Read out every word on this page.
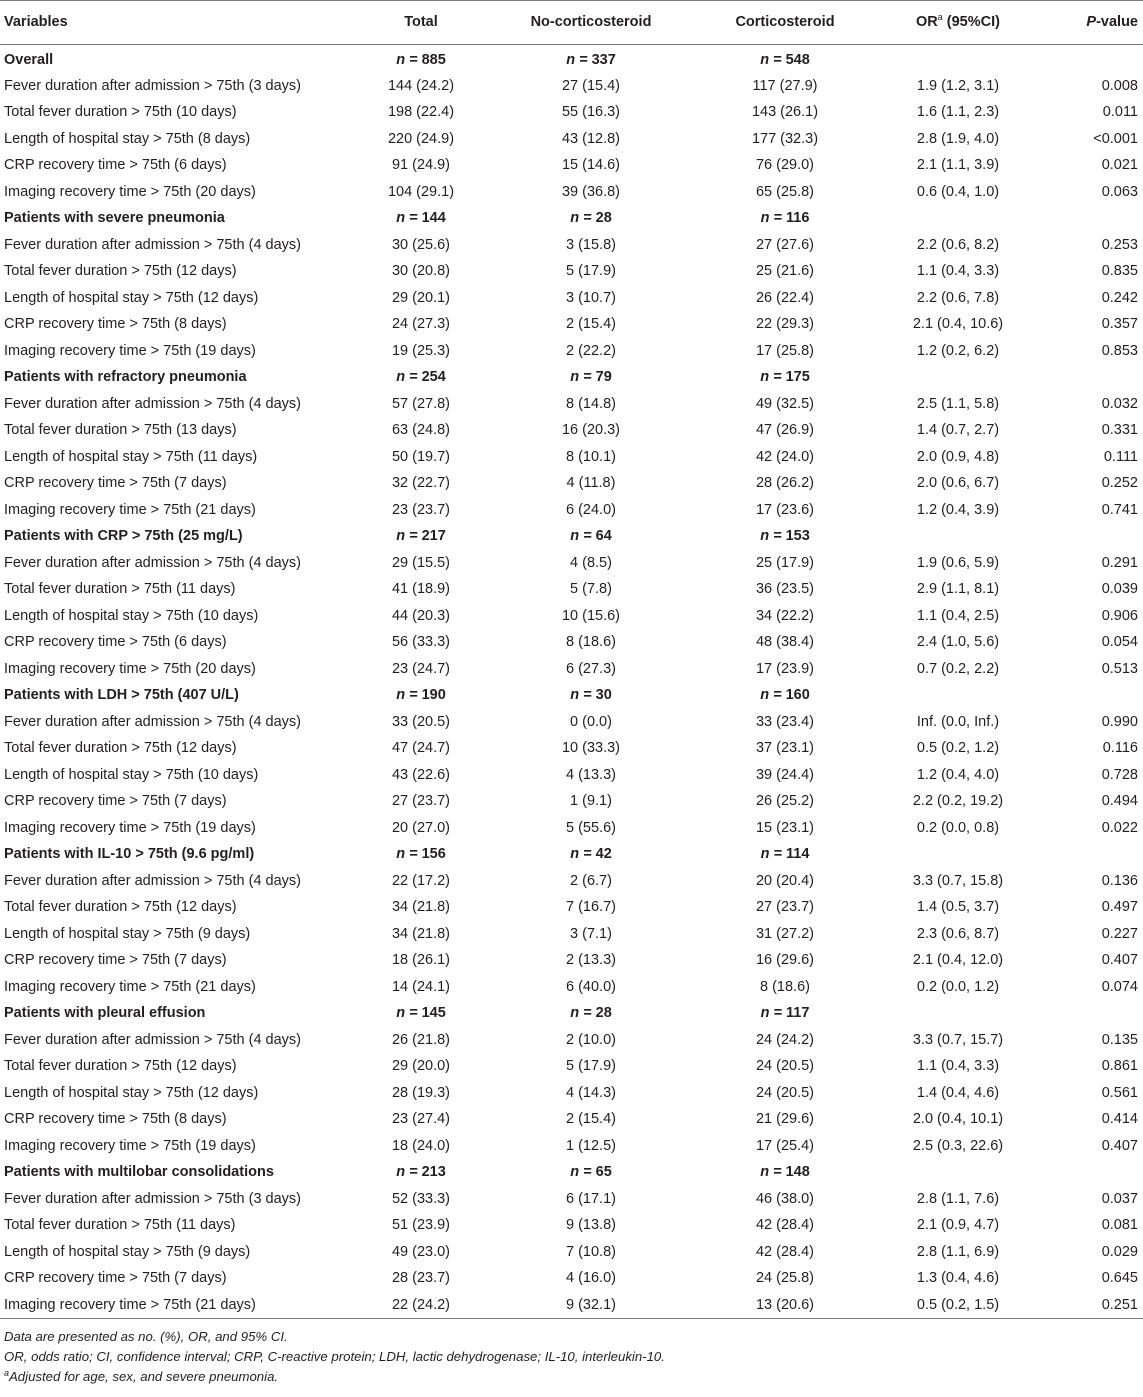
Variables	Total	No-corticosteroid	Corticosteroid	$OR^a$ (95%CI)	P-value
Overall	n = 885	n = 337	n = 548		
Fever duration after admission > 75th (3 days)	144 (24.2)	27 (15.4)	117 (27.9)	1.9 (1.2, 3.1)	0.008
Total fever duration > 75th (10 days)	198 (22.4)	55 (16.3)	143 (26.1)	1.6 (1.1, 2.3)	0.011
Length of hospital stay > 75th (8 days)	220 (24.9)	43 (12.8)	177 (32.3)	2.8 (1.9, 4.0)	<0.001
CRP recovery time > 75th (6 days)	91 (24.9)	15 (14.6)	76 (29.0)	2.1 (1.1, 3.9)	0.021
Imaging recovery time > 75th (20 days)	104 (29.1)	39 (36.8)	65 (25.8)	0.6 (0.4, 1.0)	0.063
Patients with severe pneumonia	n = 144	n = 28	n = 116		
Fever duration after admission > 75th (4 days)	30 (25.6)	3 (15.8)	27 (27.6)	2.2 (0.6, 8.2)	0.253
Total fever duration > 75th (12 days)	30 (20.8)	5 (17.9)	25 (21.6)	1.1 (0.4, 3.3)	0.835
Length of hospital stay > 75th (12 days)	29 (20.1)	3 (10.7)	26 (22.4)	2.2 (0.6, 7.8)	0.242
CRP recovery time > 75th (8 days)	24 (27.3)	2 (15.4)	22 (29.3)	2.1 (0.4, 10.6)	0.357
Imaging recovery time > 75th (19 days)	19 (25.3)	2 (22.2)	17 (25.8)	1.2 (0.2, 6.2)	0.853
Patients with refractory pneumonia	n = 254	n = 79	n = 175		
Fever duration after admission > 75th (4 days)	57 (27.8)	8 (14.8)	49 (32.5)	2.5 (1.1, 5.8)	0.032
Total fever duration > 75th (13 days)	63 (24.8)	16 (20.3)	47 (26.9)	1.4 (0.7, 2.7)	0.331
Length of hospital stay > 75th (11 days)	50 (19.7)	8 (10.1)	42 (24.0)	2.0 (0.9, 4.8)	0.111
CRP recovery time > 75th (7 days)	32 (22.7)	4 (11.8)	28 (26.2)	2.0 (0.6, 6.7)	0.252
Imaging recovery time > 75th (21 days)	23 (23.7)	6 (24.0)	17 (23.6)	1.2 (0.4, 3.9)	0.741
Patients with CRP > 75th (25 mg/L)	n = 217	n = 64	n = 153		
Fever duration after admission > 75th (4 days)	29 (15.5)	4 (8.5)	25 (17.9)	1.9 (0.6, 5.9)	0.291
Total fever duration > 75th (11 days)	41 (18.9)	5 (7.8)	36 (23.5)	2.9 (1.1, 8.1)	0.039
Length of hospital stay > 75th (10 days)	44 (20.3)	10 (15.6)	34 (22.2)	1.1 (0.4, 2.5)	0.906
CRP recovery time > 75th (6 days)	56 (33.3)	8 (18.6)	48 (38.4)	2.4 (1.0, 5.6)	0.054
Imaging recovery time > 75th (20 days)	23 (24.7)	6 (27.3)	17 (23.9)	0.7 (0.2, 2.2)	0.513
Patients with LDH > 75th (407 U/L)	n = 190	n = 30	n = 160		
Fever duration after admission > 75th (4 days)	33 (20.5)	0 (0.0)	33 (23.4)	Inf. (0.0, Inf.)	0.990
Total fever duration > 75th (12 days)	47 (24.7)	10 (33.3)	37 (23.1)	0.5 (0.2, 1.2)	0.116
Length of hospital stay > 75th (10 days)	43 (22.6)	4 (13.3)	39 (24.4)	1.2 (0.4, 4.0)	0.728
CRP recovery time > 75th (7 days)	27 (23.7)	1 (9.1)	26 (25.2)	2.2 (0.2, 19.2)	0.494
Imaging recovery time > 75th (19 days)	20 (27.0)	5 (55.6)	15 (23.1)	0.2 (0.0, 0.8)	0.022
Patients with IL-10 > 75th (9.6 pg/ml)	n = 156	n = 42	n = 114		
Fever duration after admission > 75th (4 days)	22 (17.2)	2 (6.7)	20 (20.4)	3.3 (0.7, 15.8)	0.136
Total fever duration > 75th (12 days)	34 (21.8)	7 (16.7)	27 (23.7)	1.4 (0.5, 3.7)	0.497
Length of hospital stay > 75th (9 days)	34 (21.8)	3 (7.1)	31 (27.2)	2.3 (0.6, 8.7)	0.227
CRP recovery time > 75th (7 days)	18 (26.1)	2 (13.3)	16 (29.6)	2.1 (0.4, 12.0)	0.407
Imaging recovery time > 75th (21 days)	14 (24.1)	6 (40.0)	8 (18.6)	0.2 (0.0, 1.2)	0.074
Patients with pleural effusion	n = 145	n = 28	n = 117		
Fever duration after admission > 75th (4 days)	26 (21.8)	2 (10.0)	24 (24.2)	3.3 (0.7, 15.7)	0.135
Total fever duration > 75th (12 days)	29 (20.0)	5 (17.9)	24 (20.5)	1.1 (0.4, 3.3)	0.861
Length of hospital stay > 75th (12 days)	28 (19.3)	4 (14.3)	24 (20.5)	1.4 (0.4, 4.6)	0.561
CRP recovery time > 75th (8 days)	23 (27.4)	2 (15.4)	21 (29.6)	2.0 (0.4, 10.1)	0.414
Imaging recovery time > 75th (19 days)	18 (24.0)	1 (12.5)	17 (25.4)	2.5 (0.3, 22.6)	0.407
Patients with multilobar consolidations	n = 213	n = 65	n = 148		
Fever duration after admission > 75th (3 days)	52 (33.3)	6 (17.1)	46 (38.0)	2.8 (1.1, 7.6)	0.037
Total fever duration > 75th (11 days)	51 (23.9)	9 (13.8)	42 (28.4)	2.1 (0.9, 4.7)	0.081
Length of hospital stay > 75th (9 days)	49 (23.0)	7 (10.8)	42 (28.4)	2.8 (1.1, 6.9)	0.029
CRP recovery time > 75th (7 days)	28 (23.7)	4 (16.0)	24 (25.8)	1.3 (0.4, 4.6)	0.645
Imaging recovery time > 75th (21 days)	22 (24.2)	9 (32.1)	13 (20.6)	0.5 (0.2, 1.5)	0.251
Data are presented as no. (%), OR, and 95% CI.
OR, odds ratio; CI, confidence interval; CRP, C-reactive protein; LDH, lactic dehydrogenase; IL-10, interleukin-10.
$^a$Adjusted for age, sex, and severe pneumonia.
